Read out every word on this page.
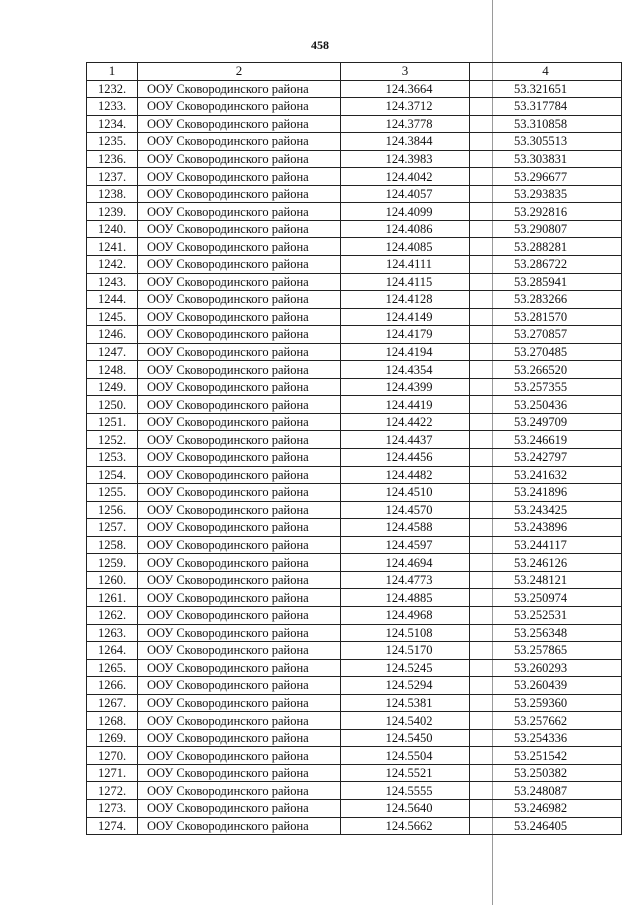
458
1	2	3	4
1232.	ООУ Сковородинского района	124.3664	53.321651
1233.	ООУ Сковородинского района	124.3712	53.317784
1234.	ООУ Сковородинского района	124.3778	53.310858
1235.	ООУ Сковородинского района	124.3844	53.305513
1236.	ООУ Сковородинского района	124.3983	53.303831
1237.	ООУ Сковородинского района	124.4042	53.296677
1238.	ООУ Сковородинского района	124.4057	53.293835
1239.	ООУ Сковородинского района	124.4099	53.292816
1240.	ООУ Сковородинского района	124.4086	53.290807
1241.	ООУ Сковородинского района	124.4085	53.288281
1242.	ООУ Сковородинского района	124.4111	53.286722
1243.	ООУ Сковородинского района	124.4115	53.285941
1244.	ООУ Сковородинского района	124.4128	53.283266
1245.	ООУ Сковородинского района	124.4149	53.281570
1246.	ООУ Сковородинского района	124.4179	53.270857
1247.	ООУ Сковородинского района	124.4194	53.270485
1248.	ООУ Сковородинского района	124.4354	53.266520
1249.	ООУ Сковородинского района	124.4399	53.257355
1250.	ООУ Сковородинского района	124.4419	53.250436
1251.	ООУ Сковородинского района	124.4422	53.249709
1252.	ООУ Сковородинского района	124.4437	53.246619
1253.	ООУ Сковородинского района	124.4456	53.242797
1254.	ООУ Сковородинского района	124.4482	53.241632
1255.	ООУ Сковородинского района	124.4510	53.241896
1256.	ООУ Сковородинского района	124.4570	53.243425
1257.	ООУ Сковородинского района	124.4588	53.243896
1258.	ООУ Сковородинского района	124.4597	53.244117
1259.	ООУ Сковородинского района	124.4694	53.246126
1260.	ООУ Сковородинского района	124.4773	53.248121
1261.	ООУ Сковородинского района	124.4885	53.250974
1262.	ООУ Сковородинского района	124.4968	53.252531
1263.	ООУ Сковородинского района	124.5108	53.256348
1264.	ООУ Сковородинского района	124.5170	53.257865
1265.	ООУ Сковородинского района	124.5245	53.260293
1266.	ООУ Сковородинского района	124.5294	53.260439
1267.	ООУ Сковородинского района	124.5381	53.259360
1268.	ООУ Сковородинского района	124.5402	53.257662
1269.	ООУ Сковородинского района	124.5450	53.254336
1270.	ООУ Сковородинского района	124.5504	53.251542
1271.	ООУ Сковородинского района	124.5521	53.250382
1272.	ООУ Сковородинского района	124.5555	53.248087
1273.	ООУ Сковородинского района	124.5640	53.246982
1274.	ООУ Сковородинского района	124.5662	53.246405
